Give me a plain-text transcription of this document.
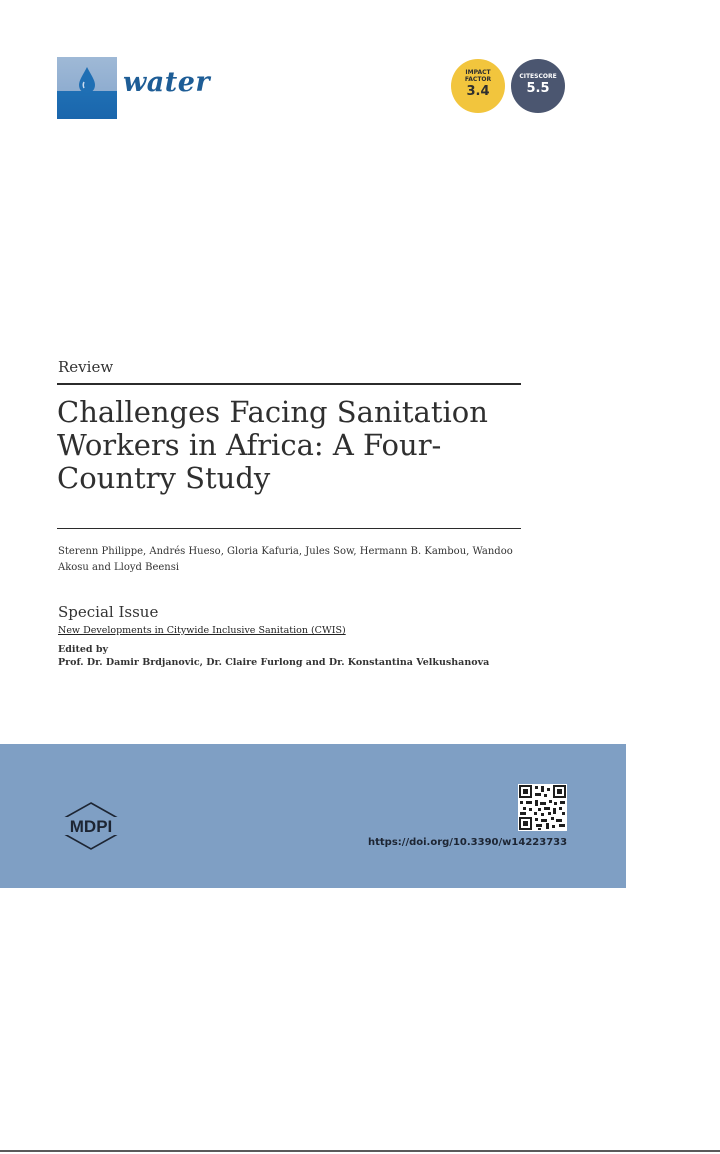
water	IMPACT
FACTOR
3.4
CITESCORE
5.5
Review
Challenges Facing Sanitation Workers in Africa: A Four-Country Study
Sterenn Philippe, Andrés Hueso, Gloria Kafuria, Jules Sow, Hermann B. Kambou, Wandoo Akosu and Lloyd Beensi
Special Issue
New Developments in Citywide Inclusive Sanitation (CWIS)
Edited by
Prof. Dr. Damir Brdjanovic, Dr. Claire Furlong and Dr. Konstantina Velkushanova
MDPI
https://doi.org/10.3390/w14223733
